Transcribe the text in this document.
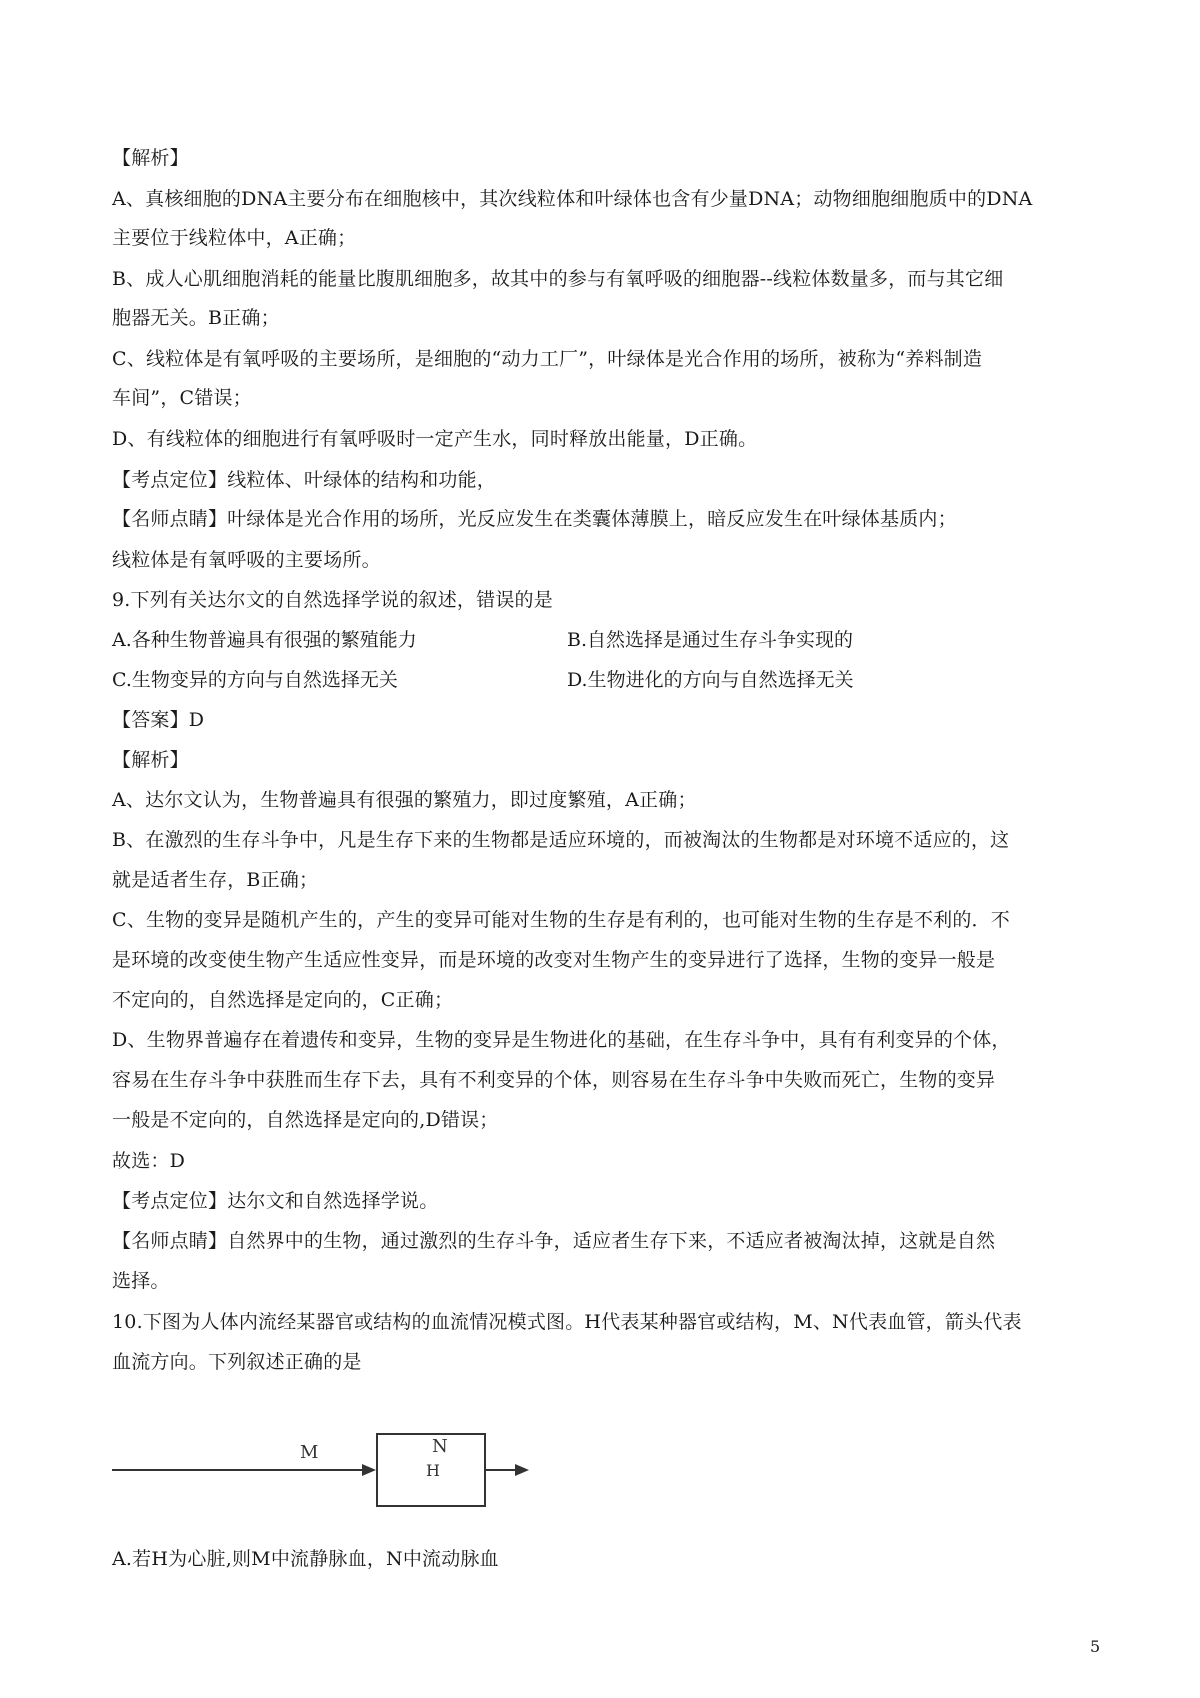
【解析】
A、真核细胞的DNA主要分布在细胞核中，其次线粒体和叶绿体也含有少量DNA；动物细胞细胞质中的DNA
主要位于线粒体中，A正确；
B、成人心肌细胞消耗的能量比腹肌细胞多，故其中的参与有氧呼吸的细胞器--线粒体数量多，而与其它细
胞器无关。B正确；
C、线粒体是有氧呼吸的主要场所，是细胞的“动力工厂”，叶绿体是光合作用的场所，被称为“养料制造
车间”，C错误；
D、有线粒体的细胞进行有氧呼吸时一定产生水，同时释放出能量，D正确。
【考点定位】线粒体、叶绿体的结构和功能，
【名师点睛】叶绿体是光合作用的场所，光反应发生在类囊体薄膜上，暗反应发生在叶绿体基质内；
线粒体是有氧呼吸的主要场所。
9.下列有关达尔文的自然选择学说的叙述，错误的是
A.各种生物普遍具有很强的繁殖能力	B.自然选择是通过生存斗争实现的
C.生物变异的方向与自然选择无关	D.生物进化的方向与自然选择无关
【答案】D
【解析】
A、达尔文认为，生物普遍具有很强的繁殖力，即过度繁殖，A正确；
B、在激烈的生存斗争中，凡是生存下来的生物都是适应环境的，而被淘汰的生物都是对环境不适应的，这
就是适者生存，B正确；
C、生物的变异是随机产生的，产生的变异可能对生物的生存是有利的，也可能对生物的生存是不利的．不
是环境的改变使生物产生适应性变异，而是环境的改变对生物产生的变异进行了选择，生物的变异一般是
不定向的，自然选择是定向的，C正确；
D、生物界普遍存在着遗传和变异，生物的变异是生物进化的基础，在生存斗争中，具有有利变异的个体，
容易在生存斗争中获胜而生存下去，具有不利变异的个体，则容易在生存斗争中失败而死亡，生物的变异
一般是不定向的，自然选择是定向的,D错误；
故选：D
【考点定位】达尔文和自然选择学说。
【名师点睛】自然界中的生物，通过激烈的生存斗争，适应者生存下来，不适应者被淘汰掉，这就是自然
选择。
10.下图为人体内流经某器官或结构的血流情况模式图。H代表某种器官或结构，M、N代表血管，箭头代表
血流方向。下列叙述正确的是
M
H
N
A.若H为心脏,则M中流静脉血，N中流动脉血
5
